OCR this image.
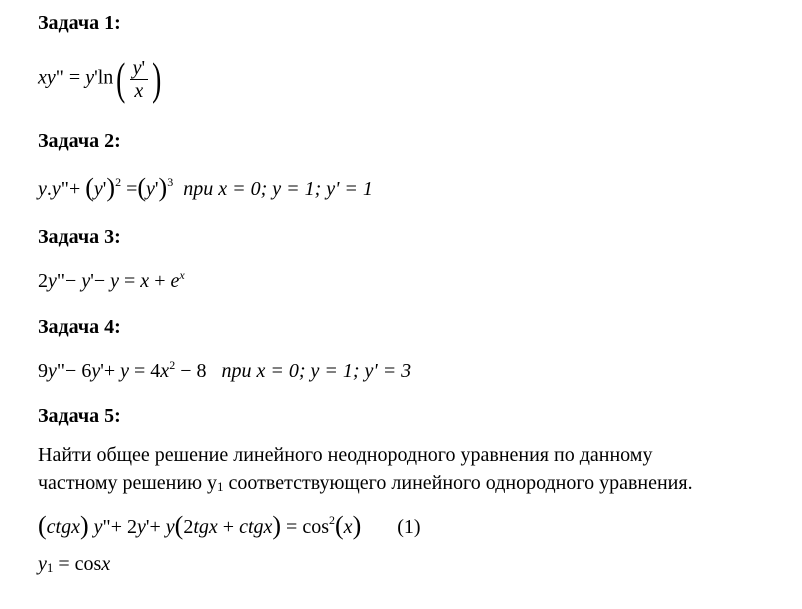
Задача 1:
xy" = $y'\ln( \frac{y'}{x}$ )
Задача 2:
y.y"+ $(y')^2 =(y')^3$ при x = 0; y = 1; y' = 1
Задача 3:
2y"− $y'- y = x + e^x$
Задача 4:
9y"− $6y'+ y = 4x^2 - 8$   при x = 0; y = 1; y' = 3
Задача 5:
Найти общее решение линейного неоднородного уравнения по данному
частному решению $y_1$ соответствующего линейного однородного уравнения.
(ctgx) y"+ 2y'+ y(2tgx + ctgx) = $\cos^2(x)$ (1)
$y_1 = \cos x$
